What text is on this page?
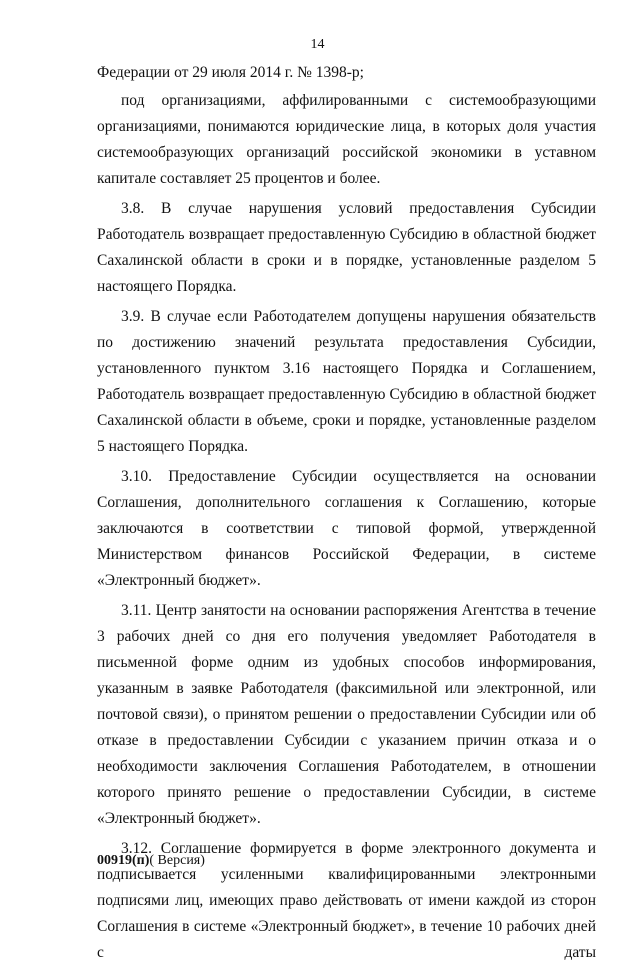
14

Федерации от 29 июля 2014 г. № 1398-р;

под организациями, аффилированными с системообразующими организациями, понимаются юридические лица, в которых доля участия системообразующих организаций российской экономики в уставном капитале составляет 25 процентов и более.

3.8. В случае нарушения условий предоставления Субсидии Работодатель возвращает предоставленную Субсидию в областной бюджет Сахалинской области в сроки и в порядке, установленные разделом 5 настоящего Порядка.

3.9. В случае если Работодателем допущены нарушения обязательств по достижению значений результата предоставления Субсидии, установленного пунктом 3.16 настоящего Порядка и Соглашением, Работодатель возвращает предоставленную Субсидию в областной бюджет Сахалинской области в объеме, сроки и порядке, установленные разделом 5 настоящего Порядка.

3.10. Предоставление Субсидии осуществляется на основании Соглашения, дополнительного соглашения к Соглашению, которые заключаются в соответствии с типовой формой, утвержденной Министерством финансов Российской Федерации, в системе «Электронный бюджет».

3.11. Центр занятости на основании распоряжения Агентства в течение 3 рабочих дней со дня его получения уведомляет Работодателя в письменной форме одним из удобных способов информирования, указанным в заявке Работодателя (факсимильной или электронной, или почтовой связи), о принятом решении о предоставлении Субсидии или об отказе в предоставлении Субсидии с указанием причин отказа и о необходимости заключения Соглашения Работодателем, в отношении которого принято решение о предоставлении Субсидии, в системе «Электронный бюджет».

3.12. Соглашение формируется в форме электронного документа и подписывается усиленными квалифицированными электронными подписями лиц, имеющих право действовать от имени каждой из сторон Соглашения в системе «Электронный бюджет», в течение 10 рабочих дней с даты

00919(п)( Версия)
